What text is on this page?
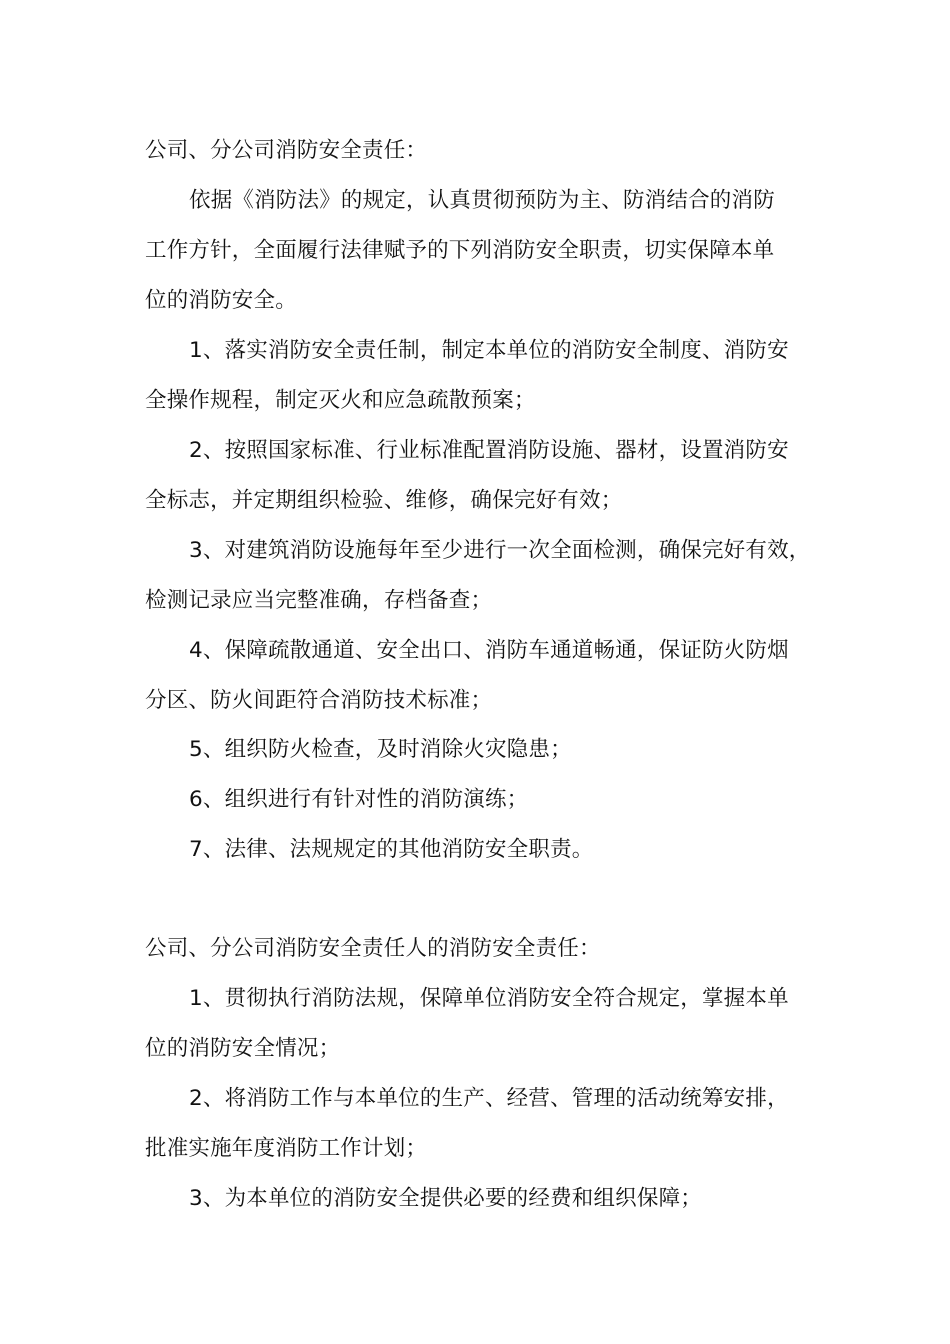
公司、分公司消防安全责任：
依据《消防法》的规定，认真贯彻预防为主、防消结合的消防
工作方针，全面履行法律赋予的下列消防安全职责，切实保障本单
位的消防安全。
1、落实消防安全责任制，制定本单位的消防安全制度、消防安
全操作规程，制定灭火和应急疏散预案；
2、按照国家标准、行业标准配置消防设施、器材，设置消防安
全标志，并定期组织检验、维修，确保完好有效；
3、对建筑消防设施每年至少进行一次全面检测，确保完好有效，
检测记录应当完整准确，存档备查；
4、保障疏散通道、安全出口、消防车通道畅通，保证防火防烟
分区、防火间距符合消防技术标准；
5、组织防火检查，及时消除火灾隐患；
6、组织进行有针对性的消防演练；
7、法律、法规规定的其他消防安全职责。
公司、分公司消防安全责任人的消防安全责任：
1、贯彻执行消防法规，保障单位消防安全符合规定，掌握本单
位的消防安全情况；
2、将消防工作与本单位的生产、经营、管理的活动统筹安排，
批准实施年度消防工作计划；
3、为本单位的消防安全提供必要的经费和组织保障；
